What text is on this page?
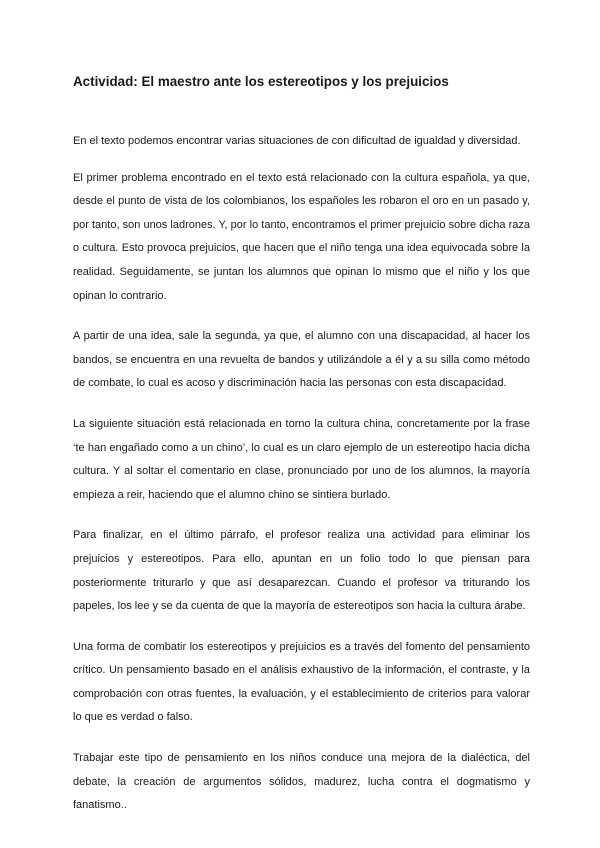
Actividad: El maestro ante los estereotipos y los prejuicios

En el texto podemos encontrar varias situaciones de con dificultad de igualdad y diversidad.

El primer problema encontrado en el texto está relacionado con la cultura española, ya que, desde el punto de vista de los colombianos, los españoles les robaron el oro en un pasado y, por tanto, son unos ladrones. Y, por lo tanto, encontramos el primer prejuicio sobre dicha raza o cultura. Esto provoca prejuicios, que hacen que el niño tenga una idea equivocada sobre la realidad. Seguidamente, se juntan los alumnos que opinan lo mismo que el niño y los que opinan lo contrario.

A partir de una idea, sale la segunda, ya que, el alumno con una discapacidad, al hacer los bandos, se encuentra en una revuelta de bandos y utilizándole a él y a su silla como método de combate, lo cual es acoso y discriminación hacia las personas con esta discapacidad.

La siguiente situación está relacionada en torno la cultura china, concretamente por la frase ‘te han engañado como a un chino’, lo cual es un claro ejemplo de un estereotipo hacia dicha cultura. Y al soltar el comentario en clase, pronunciado por uno de los alumnos, la mayoría empieza a reir, haciendo que el alumno chino se sintiera burlado.

Para finalizar, en el último párrafo, el profesor realiza una actividad para eliminar los prejuicios y estereotipos. Para ello, apuntan en un folio todo lo que piensan para posteriormente triturarlo y que así desaparezcan. Cuando el profesor va triturando los papeles, los lee y se da cuenta de que la mayoría de estereotipos son hacia la cultura árabe.

Una forma de combatir los estereotipos y prejuicios es a través del fomento del pensamiento crítico. Un pensamiento basado en el análisis exhaustivo de la información, el contraste, y la comprobación con otras fuentes, la evaluación, y el establecimiento de criterios para valorar lo que es verdad o falso.

Trabajar este tipo de pensamiento en los niños conduce una mejora de la dialéctica, del debate, la creación de argumentos sólidos, madurez, lucha contra el dogmatismo y fanatismo..
